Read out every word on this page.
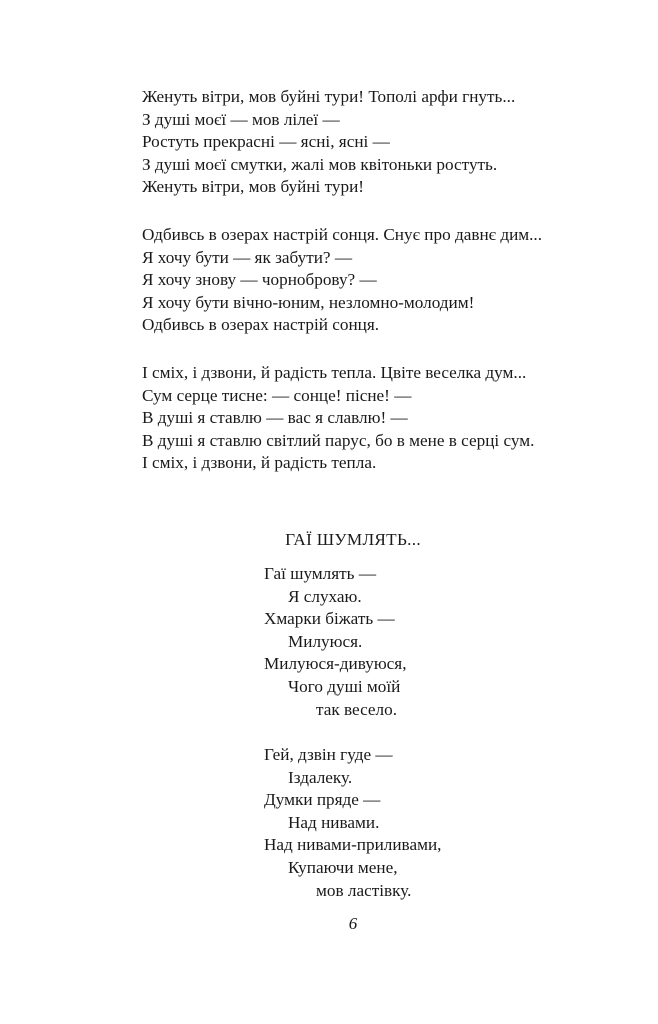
Женуть вітри, мов буйні тури! Тополі арфи гнуть...
З душі моєї — мов лілеї —
Ростуть прекрасні — ясні, ясні —
З душі моєї смутки, жалі мов квітоньки ростуть.
Женуть вітри, мов буйні тури!
Одбивсь в озерах настрій сонця. Снує про давнє дим...
Я хочу бути — як забути? —
Я хочу знову — чорноброву? —
Я хочу бути вічно-юним, незломно-молодим!
Одбивсь в озерах настрій сонця.
І сміх, і дзвони, й радість тепла. Цвіте веселка дум...
Сум серце тисне: — сонце! пісне! —
В душі я ставлю — вас я славлю! —
В душі я ставлю світлий парус, бо в мене в серці сум.
І сміх, і дзвони, й радість тепла.
ГАЇ ШУМЛЯТЬ...
Гаї шумлять —
Я слухаю.
Хмарки біжать —
Милуюся.
Милуюся-дивуюся,
Чого душі моїй
так весело.
Гей, дзвін гуде —
Іздалеку.
Думки пряде —
Над нивами.
Над нивами-приливами,
Купаючи мене,
мов ластівку.
6
